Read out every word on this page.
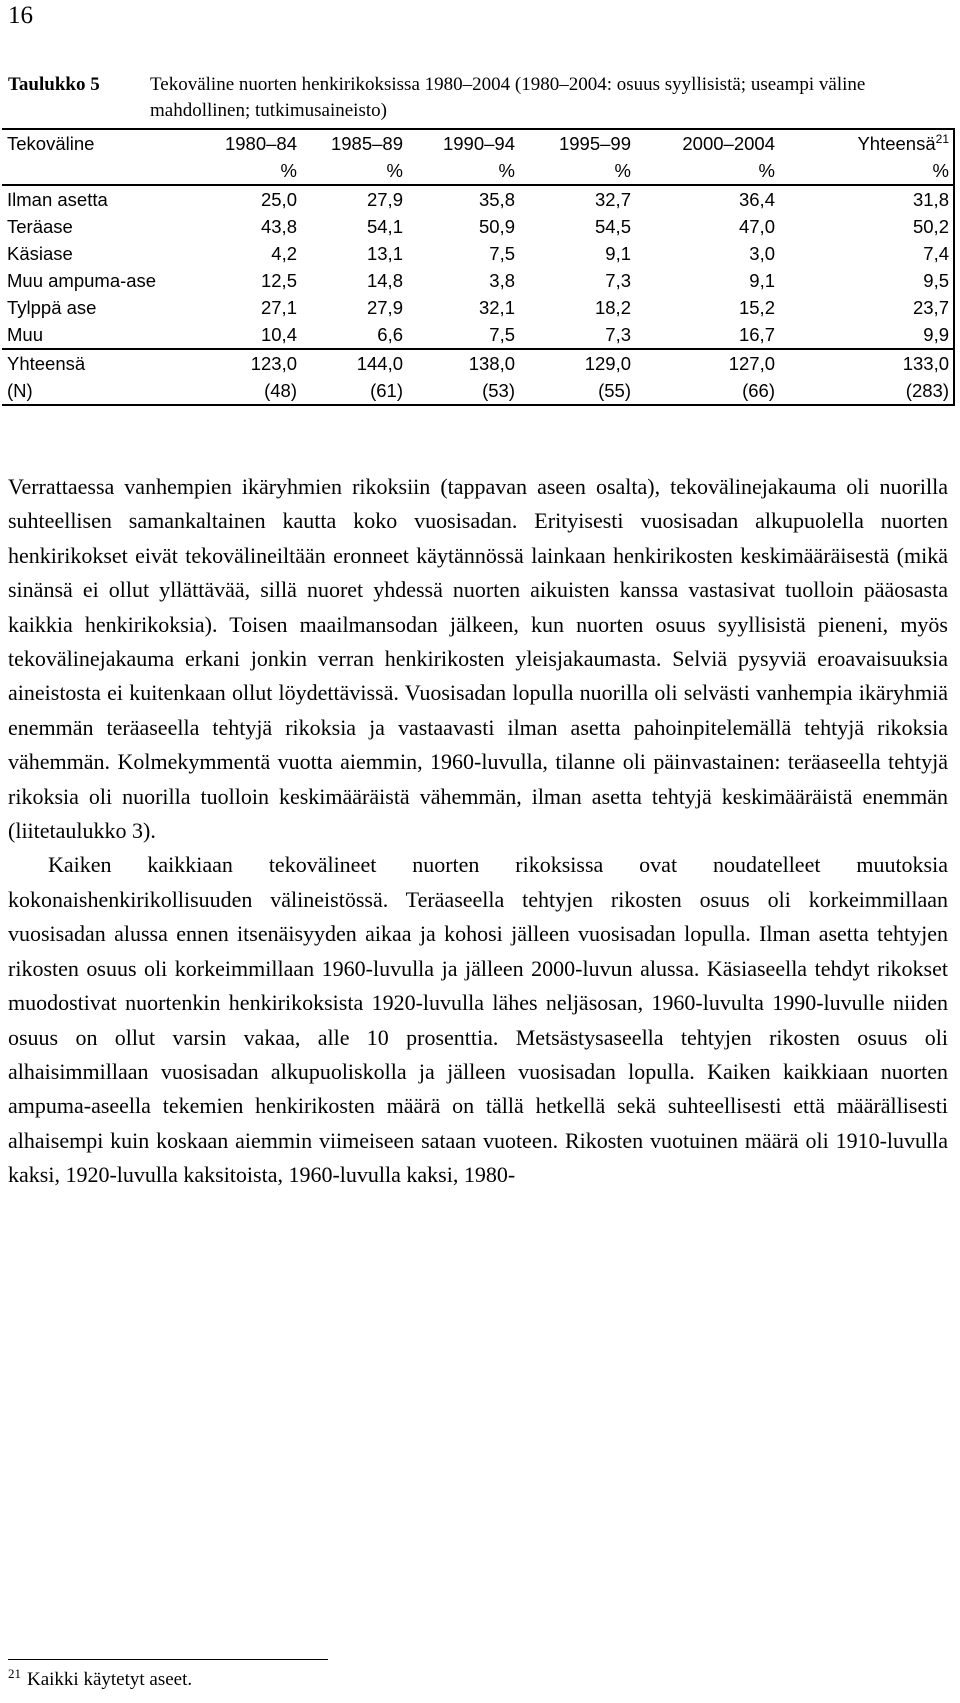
16
Taulukko 5	Tekoväline nuorten henkirikoksissa 1980–2004 (1980–2004: osuus syyllisistä; useampi väline mahdollinen; tutkimusaineisto)
Tekoväline	1980–84	1985–89	1990–94	1995–99	2000–2004	Yhteensä$^{21}$
	%	%	%	%	%	%
Ilman asetta	25,0	27,9	35,8	32,7	36,4	31,8
Teräase	43,8	54,1	50,9	54,5	47,0	50,2
Käsiase	4,2	13,1	7,5	9,1	3,0	7,4
Muu ampuma-ase	12,5	14,8	3,8	7,3	9,1	9,5
Tylppä ase	27,1	27,9	32,1	18,2	15,2	23,7
Muu	10,4	6,6	7,5	7,3	16,7	9,9
Yhteensä	123,0	144,0	138,0	129,0	127,0	133,0
(N)	(48)	(61)	(53)	(55)	(66)	(283)

Verrattaessa vanhempien ikäryhmien rikoksiin (tappavan aseen osalta), tekovälinejakauma oli nuorilla suhteellisen samankaltainen kautta koko vuosisadan. Erityisesti vuosisadan alkupuolella nuorten henkirikokset eivät tekovälineiltään eronneet käytännössä lainkaan henkirikosten keskimääräisestä (mikä sinänsä ei ollut yllättävää, sillä nuoret yhdessä nuorten aikuisten kanssa vastasivat tuolloin pääosasta kaikkia henkirikoksia). Toisen maailmansodan jälkeen, kun nuorten osuus syyllisistä pieneni, myös tekovälinejakauma erkani jonkin verran henkirikosten yleisjakaumasta. Selviä pysyviä eroavaisuuksia aineistosta ei kuitenkaan ollut löydettävissä. Vuosisadan lopulla nuorilla oli selvästi vanhempia ikäryhmiä enemmän teräaseella tehtyjä rikoksia ja vastaavasti ilman asetta pahoinpitelemällä tehtyjä rikoksia vähemmän. Kolmekymmentä vuotta aiemmin, 1960-luvulla, tilanne oli päinvastainen: teräaseella tehtyjä rikoksia oli nuorilla tuolloin keskimääräistä vähemmän, ilman asetta tehtyjä keskimääräistä enemmän (liitetaulukko 3).

Kaiken kaikkiaan tekovälineet nuorten rikoksissa ovat noudatelleet muutoksia kokonaishenkirikollisuuden välineistössä. Teräaseella tehtyjen rikosten osuus oli korkeimmillaan vuosisadan alussa ennen itsenäisyyden aikaa ja kohosi jälleen vuosisadan lopulla. Ilman asetta tehtyjen rikosten osuus oli korkeimmillaan 1960-luvulla ja jälleen 2000-luvun alussa. Käsiaseella tehdyt rikokset muodostivat nuortenkin henkirikoksista 1920-luvulla lähes neljäsosan, 1960-luvulta 1990-luvulle niiden osuus on ollut varsin vakaa, alle 10 prosenttia. Metsästysaseella tehtyjen rikosten osuus oli alhaisimmillaan vuosisadan alkupuoliskolla ja jälleen vuosisadan lopulla. Kaiken kaikkiaan nuorten ampuma-aseella tekemien henkirikosten määrä on tällä hetkellä sekä suhteellisesti että määrällisesti alhaisempi kuin koskaan aiemmin viimeiseen sataan vuoteen. Rikosten vuotuinen määrä oli 1910-luvulla kaksi, 1920-luvulla kaksitoista, 1960-luvulla kaksi, 1980-

$^{21}$ Kaikki käytetyt aseet.
